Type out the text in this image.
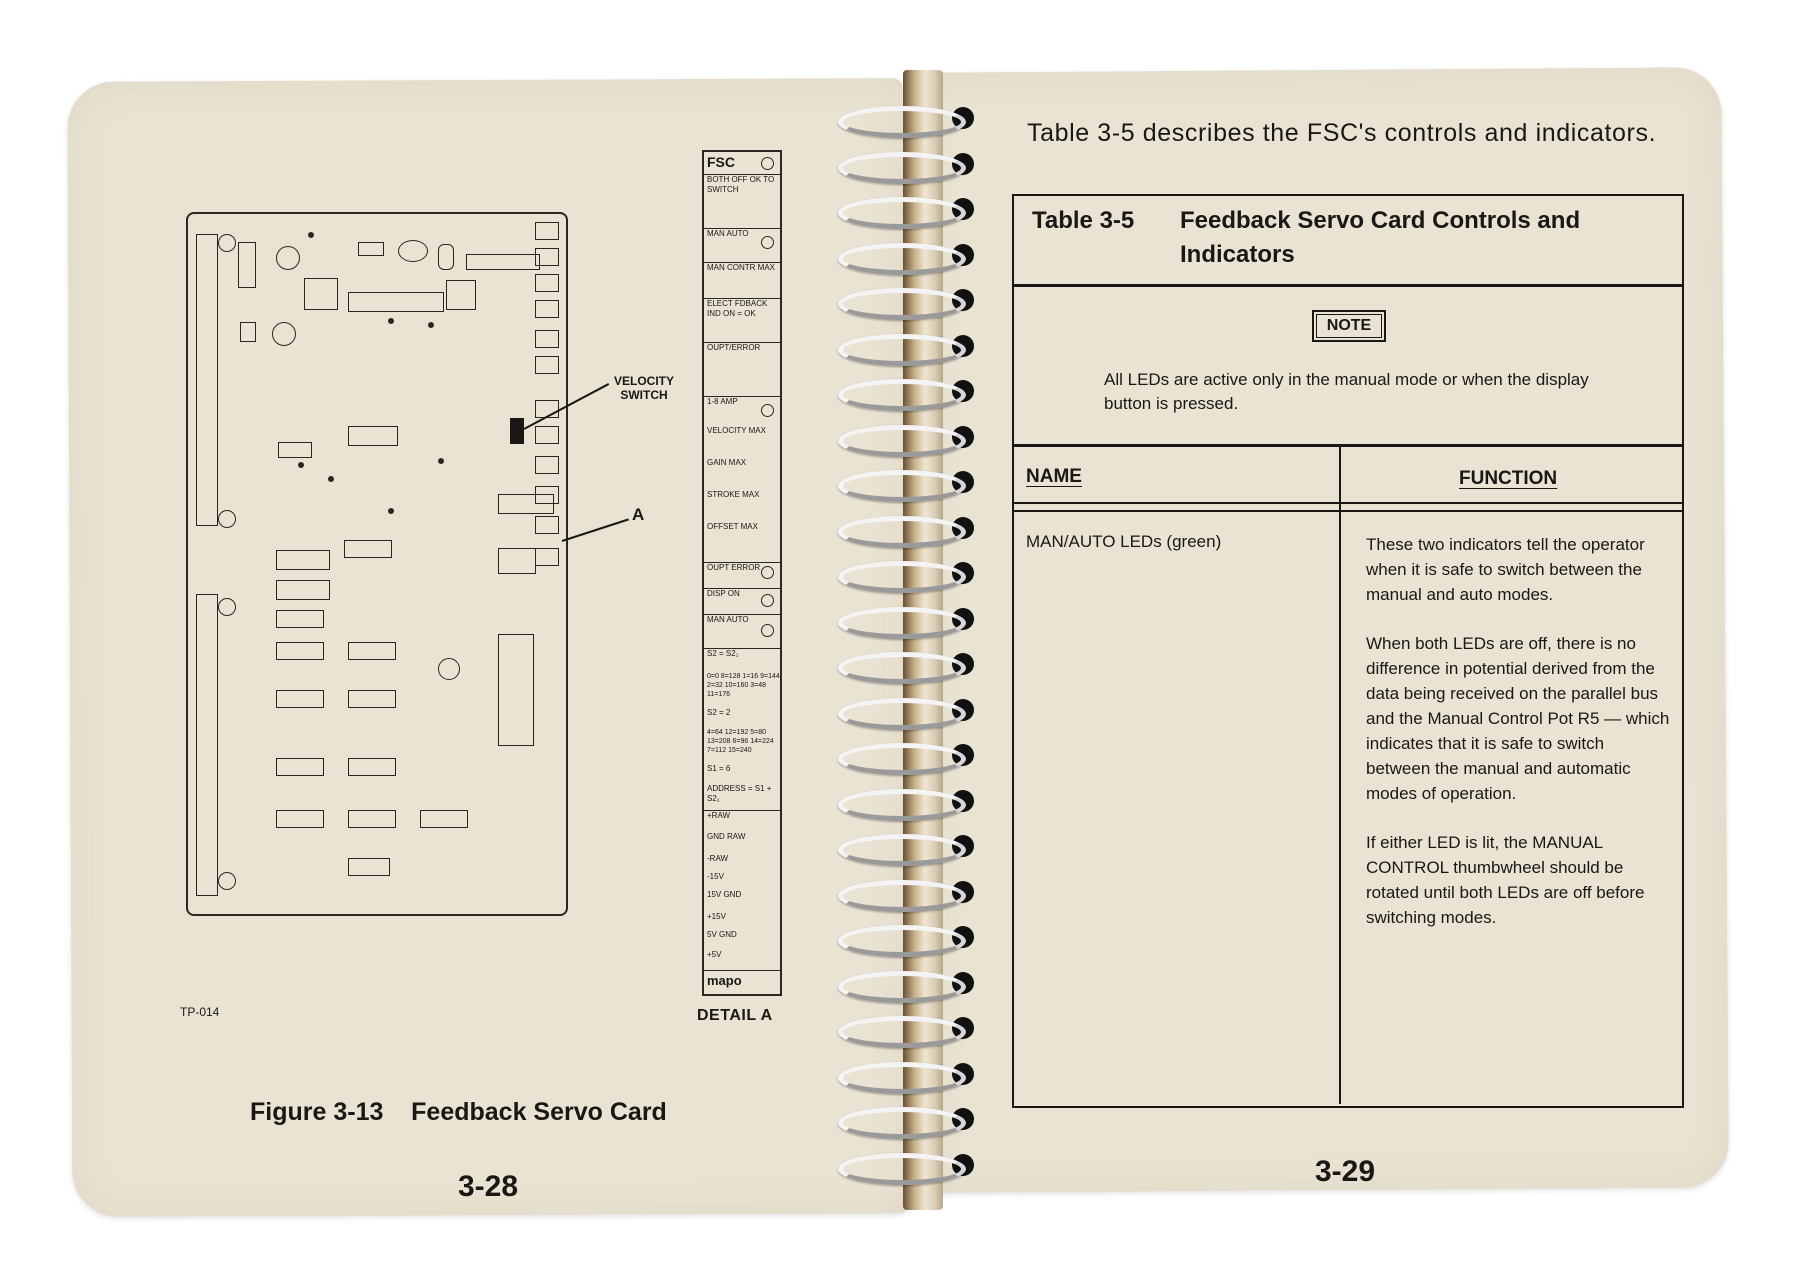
VELOCITY
SWITCH
A
FSC
BOTH OFF OK TO SWITCH
MAN AUTO
MAN CONTR MAX
ELECT FDBACK IND ON = OK
OUPT/ERROR
1-8 AMP
VELOCITY MAX
GAIN MAX
STROKE MAX
OFFSET MAX
OUPT ERROR
DISP ON
MAN AUTO
S2 = S2₁
0=0 8=128 1=16 9=144 2=32 10=160 3=48 11=176
S2 = 2
4=64 12=192 5=80 13=208 6=96 14=224 7=112 15=240
S1 = 6
ADDRESS = S1 + S2₁
+RAW
GND RAW
-RAW
-15V
15V GND
+15V
5V GND
+5V
mapo
TP-014	DETAIL A
Figure 3-13    Feedback Servo Card
3-28
Table 3-5 describes the FSC's controls and indicators.
Table 3-5 Feedback Servo Card Controls and Indicators
NOTE
All LEDs are active only in the manual mode or when the display button is pressed.
NAME	FUNCTION
MAN/AUTO LEDs (green)	These two indicators tell the operator when it is safe to switch between the manual and auto modes.

When both LEDs are off, there is no difference in potential derived from the data being received on the parallel bus and the Manual Control Pot R5 — which indicates that it is safe to switch between the manual and automatic modes of operation.

If either LED is lit, the MANUAL CONTROL thumbwheel should be rotated until both LEDs are off before switching modes.

3-29
